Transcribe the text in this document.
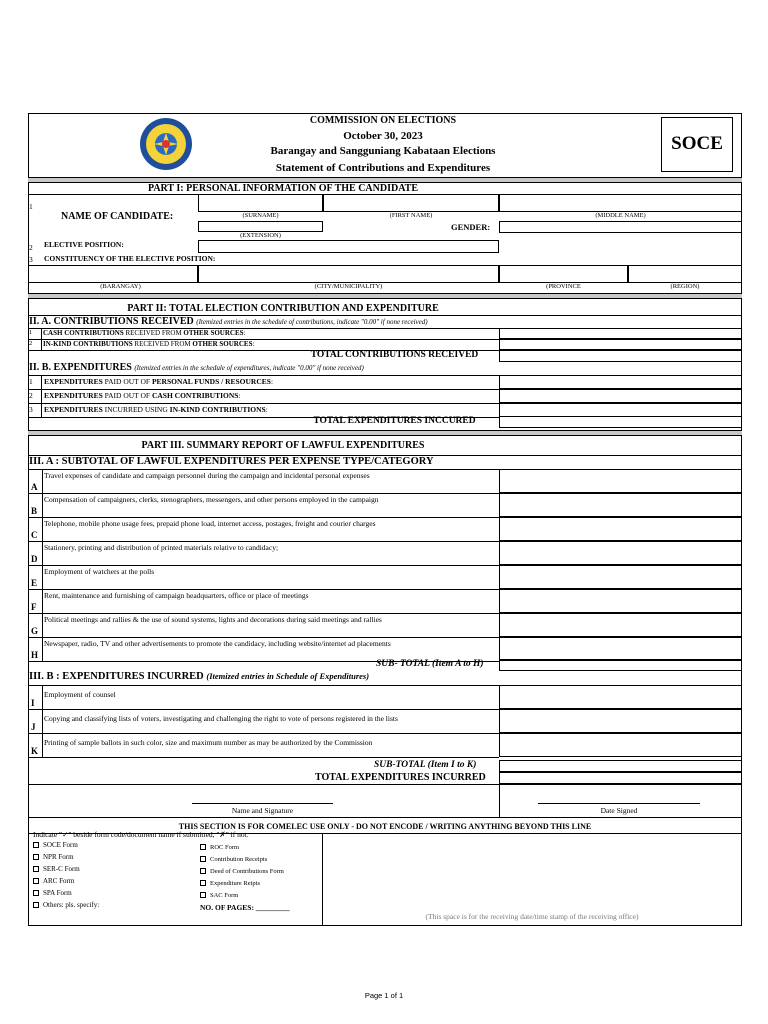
COMMISSION ON ELECTIONS
October 30, 2023
Barangay and Sangguniang Kabataan Elections
Statement of Contributions and Expenditures
SOCE
PART I: PERSONAL INFORMATION OF THE CANDIDATE
1
NAME OF CANDIDATE:	(SURNAME)	(FIRST NAME)	(MIDDLE NAME)
(EXTENSION)
GENDER:
2 ELECTIVE POSITION:
3 CONSTITUENCY OF THE ELECTIVE POSITION:
(BARANGAY)	(CITY/MUNICIPALITY)	(PROVINCE	(REGION)
PART II: TOTAL ELECTION CONTRIBUTION AND EXPENDITURE
II. A. CONTRIBUTIONS RECEIVED (Itemized entries in the schedule of contributions, indicate "0.00" if none received)
1 CASH CONTRIBUTIONS RECEIVED FROM OTHER SOURCES:
2 IN-KIND CONTRIBUTIONS RECEIVED FROM OTHER SOURCES:
TOTAL CONTRIBUTIONS RECEIVED
II. B. EXPENDITURES (Itemized entries in the schedule of expenditures, indicate "0.00" if none received)
1 EXPENDITURES PAID OUT OF PERSONAL FUNDS / RESOURCES:
2 EXPENDITURES PAID OUT OF CASH CONTRIBUTIONS:
3 EXPENDITURES INCURRED USING IN-KIND CONTRIBUTIONS:
TOTAL EXPENDITURES INCCURED
PART III. SUMMARY REPORT OF LAWFUL EXPENDITURES
III. A : SUBTOTAL OF LAWFUL EXPENDITURES PER EXPENSE TYPE/CATEGORY
A
Travel expenses of candidate and campaign personnel during the campaign and incidental personal expenses
B
Compensation of campaigners, clerks, stenographers, messengers, and other persons employed in the campaign
C
Telephone, mobile phone usage fees, prepaid phone load, internet access, postages, freight and courier charges
D
Stationery, printing and distribution of printed materials relative to candidacy;
E
Employment of watchers at the polls
F
Rent, maintenance and furnishing of campaign headquarters, office or place of meetings
G
Political meetings and rallies & the use of sound systems, lights and decorations during said meetings and rallies
H
Newspaper, radio, TV and other advertisements to promote the candidacy, including website/internet ad placements
SUB- TOTAL (Item A to H)
III. B : EXPENDITURES INCURRED (Itemized entries in Schedule of Expenditures)
I
Employment of counsel
J
Copying and classifying lists of voters, investigating and challenging the right to vote of persons registered in the lists
K
Printing of sample ballots in such color, size and maximum number as may be authorized by the Commission
SUB-TOTAL (Item I to K)
TOTAL EXPENDITURES INCURRED
Name and Signature	Date Signed
THIS SECTION IS FOR COMELEC USE ONLY - DO NOT ENCODE / WRITING ANYTHING BEYOND THIS LINE
Indicate "✓" beside form code/document name if submitted, "✗" if not.
SOCE Form
NPR Form
SER-C Form
ARC Form
SPA Form
Others: pls. specify:
ROC Form
Contribution Receipts
Deed of Contributions Form
Expenditure Reipts
SAC Form
NO. OF PAGES: _________
(This space is for the receiving date/time stamp of the receiving office)
Page 1 of 1
